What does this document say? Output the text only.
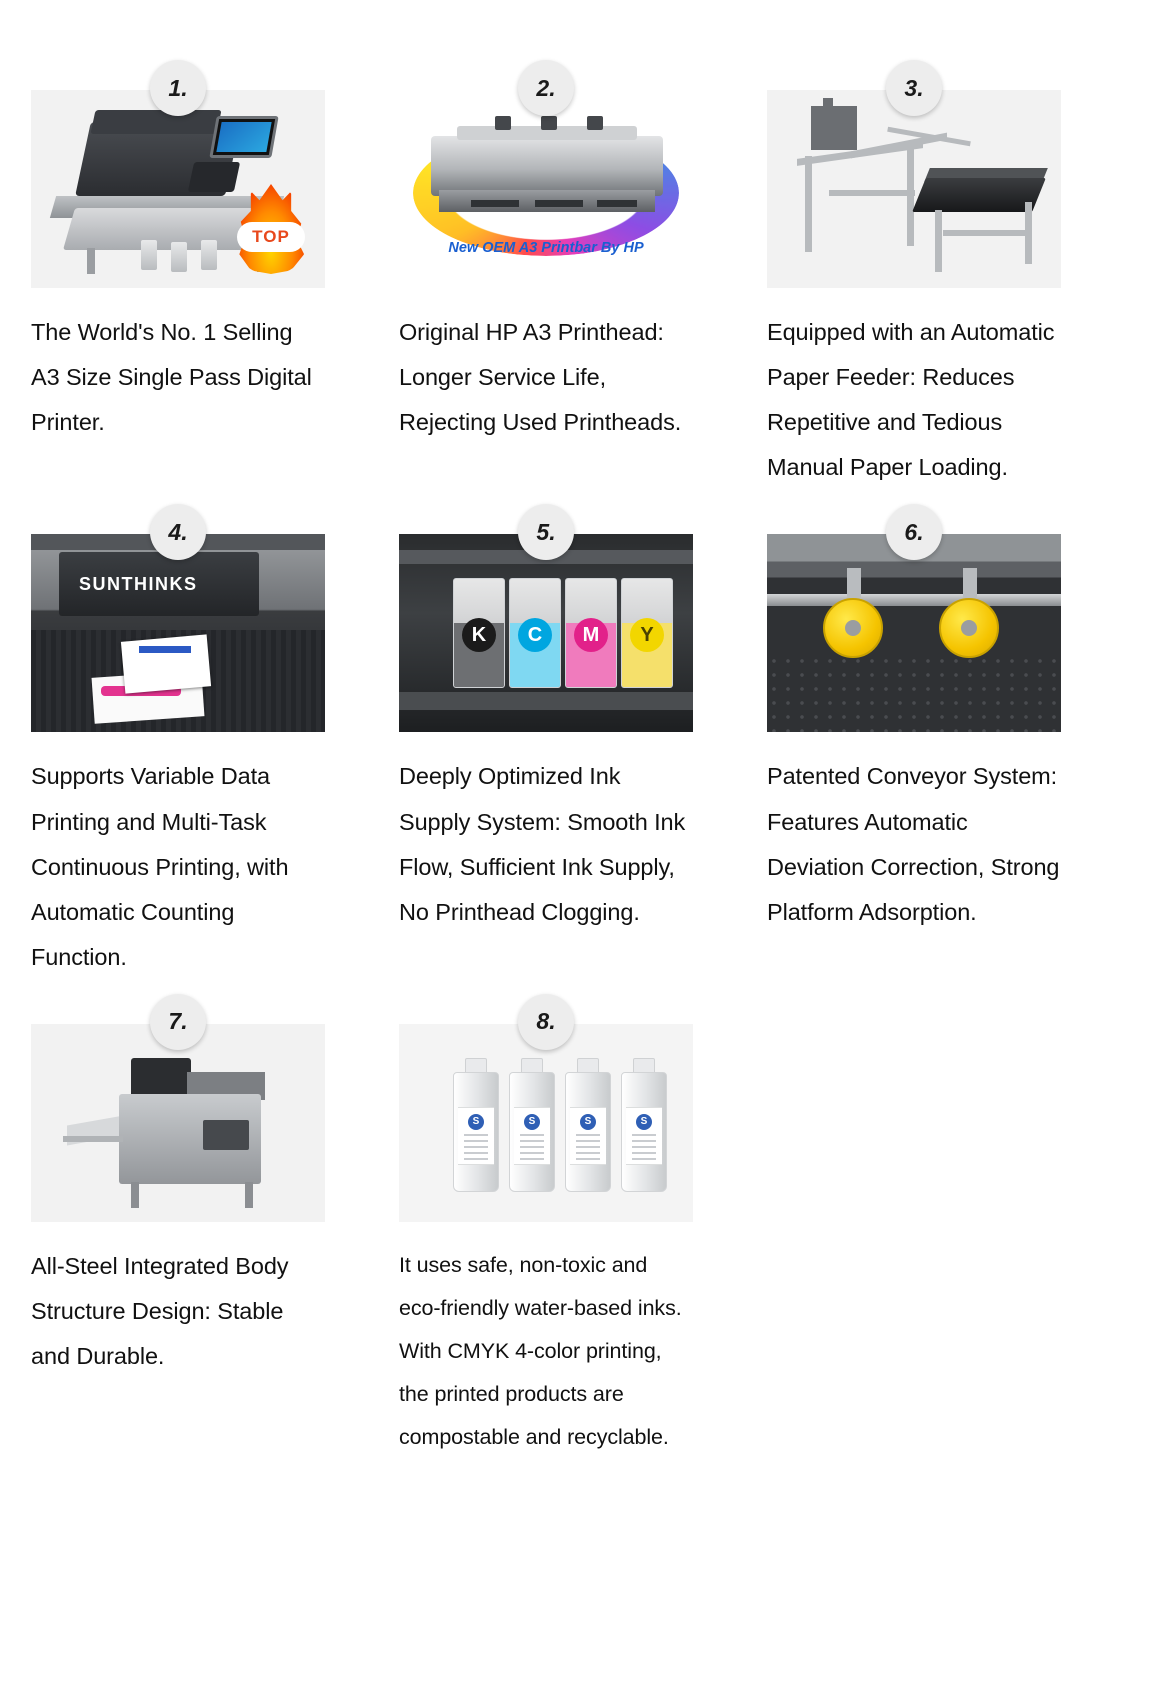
TOP
1.
The World's No. 1 Selling A3 Size Single Pass Digital Printer.
New OEM A3 Printbar By HP
2.
Original HP A3 Printhead: Longer Service Life, Rejecting Used Printheads.
3.
Equipped with an Automatic Paper Feeder: Reduces Repetitive and Tedious Manual Paper Loading.
SUNTHINKS
4.
Supports Variable Data Printing and Multi-Task Continuous Printing, with Automatic Counting Function.
K	C	M	Y
5.
Deeply Optimized Ink Supply System: Smooth Ink Flow, Sufficient Ink Supply, No Printhead Clogging.
6.
Patented Conveyor System: Features Automatic Deviation Correction, Strong Platform Adsorption.
7.
All-Steel Integrated Body Structure Design: Stable and Durable.
S	S	S	S
8.
It uses safe, non-toxic and eco-friendly water-based inks. With CMYK 4-color printing, the printed products are compostable and recyclable.
